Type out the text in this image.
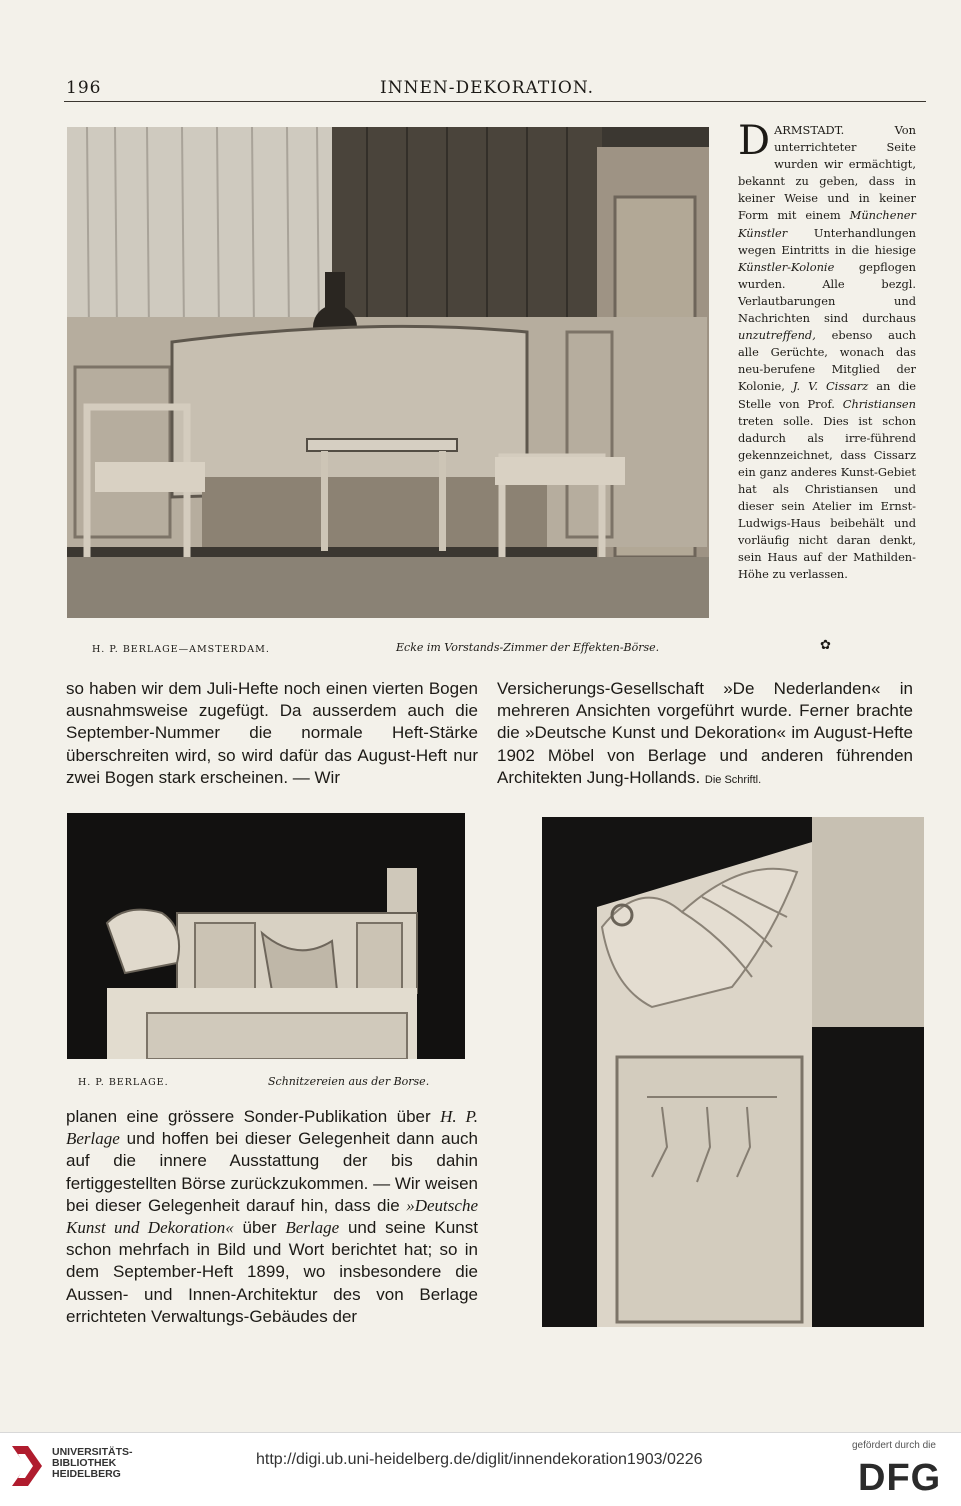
196	INNEN-DEKORATION.

D ARMSTADT. Von unterrichteter Seite wurden wir ermächtigt, bekannt zu geben, dass in keiner Weise und in keiner Form mit einem Münchener Künstler Unterhandlungen wegen Eintritts in die hiesige Künstler-Kolonie gepflogen wurden. Alle bezgl. Verlautbarungen und Nachrichten sind durchaus unzutreffend, ebenso auch alle Gerüchte, wonach das neu-berufene Mitglied der Kolonie, J. V. Cissarz an die Stelle von Prof. Christiansen treten solle. Dies ist schon dadurch als irre-führend gekennzeichnet, dass Cissarz ein ganz anderes Kunst-Gebiet hat als Christiansen und dieser sein Atelier im Ernst-Ludwigs-Haus beibehält und vorläufig nicht daran denkt, sein Haus auf der Mathilden-Höhe zu verlassen.

H. P. BERLAGE—AMSTERDAM.	Ecke im Vorstands-Zimmer der Effekten-Börse.	✿

so haben wir dem Juli-Hefte noch einen vierten Bogen ausnahmsweise zugefügt. Da ausserdem auch die September-Nummer die normale Heft-Stärke überschreiten wird, so wird dafür das August-Heft nur zwei Bogen stark erscheinen. — Wir

Versicherungs-Gesellschaft »De Nederlanden« in mehreren Ansichten vorgeführt wurde. Ferner brachte die »Deutsche Kunst und Dekoration« im August-Hefte 1902 Möbel von Berlage und anderen führenden Architekten Jung-Hollands. Die Schriftl.

H. P. BERLAGE.	Schnitzereien aus der Borse.

planen eine grössere Sonder-Publikation über H. P. Berlage und hoffen bei dieser Gelegenheit dann auch auf die innere Ausstattung der bis dahin fertiggestellten Börse zurückzukommen. — Wir weisen bei dieser Gelegenheit darauf hin, dass die »Deutsche Kunst und Dekoration« über Berlage und seine Kunst schon mehrfach in Bild und Wort berichtet hat; so in dem September-Heft 1899, wo insbesondere die Aussen- und Innen-Architektur des von Berlage errichteten Verwaltungs-Gebäudes der

UNIVERSITÄTS-
BIBLIOTHEK
HEIDELBERG
http://digi.ub.uni-heidelberg.de/diglit/innendekoration1903/0226
gefördert durch die
DFG
